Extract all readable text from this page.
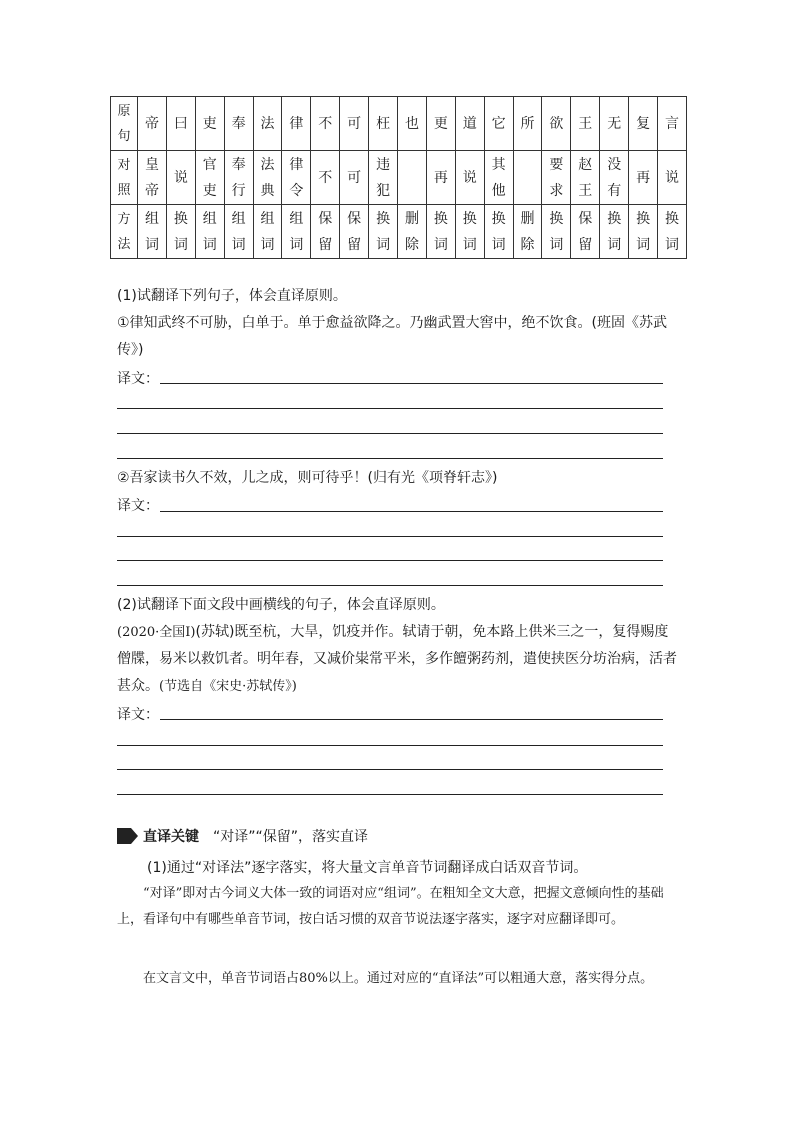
原句	帝	曰	吏	奉	法	律	不	可	枉	也	更	道	它	所	欲	王	无	复	言
对照	皇帝	说	官吏	奉行	法典	律令	不	可	违犯		再	说	其他		要求	赵王	没有	再	说
方法	组词	换词	组词	组词	组词	组词	保留	保留	换词	删除	换词	换词	换词	删除	换词	保留	换词	换词	换词
(1)试翻译下列句子，体会直译原则。
①律知武终不可胁，白单于。单于愈益欲降之。乃幽武置大窖中，绝不饮食。(班固《苏武传》)
译文：
②吾家读书久不效，儿之成，则可待乎！(归有光《项脊轩志》)
译文：
(2)试翻译下面文段中画横线的句子，体会直译原则。
(2020·全国Ⅰ)(苏轼)既至杭，大旱，饥疫并作。轼请于朝，免本路上供米三之一，复得赐度僧牒，易米以救饥者。明年春，又减价粜常平米，多作饘粥药剂，遣使挟医分坊治病，活者甚众。(节选自《宋史·苏轼传》)
译文：
直译关键 “对译”“保留”，落实直译
(1)通过“对译法”逐字落实，将大量文言单音节词翻译成白话双音节词。
“对译”即对古今词义大体一致的词语对应“组词”。在粗知全文大意，把握文意倾向性的基础上，看译句中有哪些单音节词，按白话习惯的双音节说法逐字落实，逐字对应翻译即可。
在文言文中，单音节词语占80%以上。通过对应的“直译法”可以粗通大意，落实得分点。
